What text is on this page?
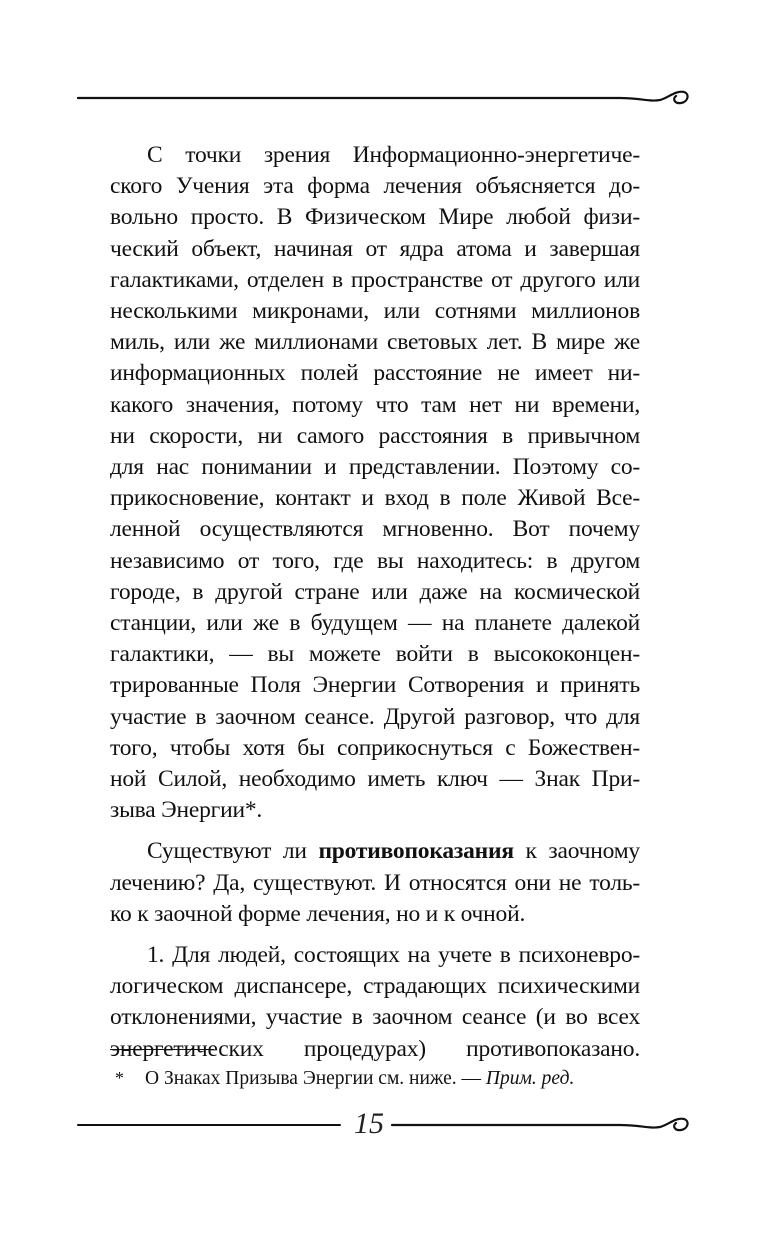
С точки зрения Информационно-энергетиче-
ского Учения эта форма лечения объясняется до-
вольно просто. В Физическом Мире любой физи-
ческий объект, начиная от ядра атома и завершая
галактиками, отделен в пространстве от другого или
несколькими микронами, или сотнями миллионов
миль, или же миллионами световых лет. В мире же
информационных полей расстояние не имеет ни-
какого значения, потому что там нет ни времени,
ни скорости, ни самого расстояния в привычном
для нас понимании и представлении. Поэтому со-
прикосновение, контакт и вход в поле Живой Все-
ленной осуществляются мгновенно. Вот почему
независимо от того, где вы находитесь: в другом
городе, в другой стране или даже на космической
станции, или же в будущем — на планете далекой
галактики, — вы можете войти в высококонцен-
трированные Поля Энергии Сотворения и принять
участие в заочном сеансе. Другой разговор, что для
того, чтобы хотя бы соприкоснуться с Божествен-
ной Силой, необходимо иметь ключ — Знак При-
зыва Энергии*.
Существуют ли противопоказания к заочному
лечению? Да, существуют. И относятся они не толь-
ко к заочной форме лечения, но и к очной.
1. Для людей, состоящих на учете в психоневро-
логическом диспансере, страдающих психическими
отклонениями, участие в заочном сеансе (и во всех
энергетических процедурах) противопоказано.
* О Знаках Призыва Энергии см. ниже. — Прим. ред.
15
